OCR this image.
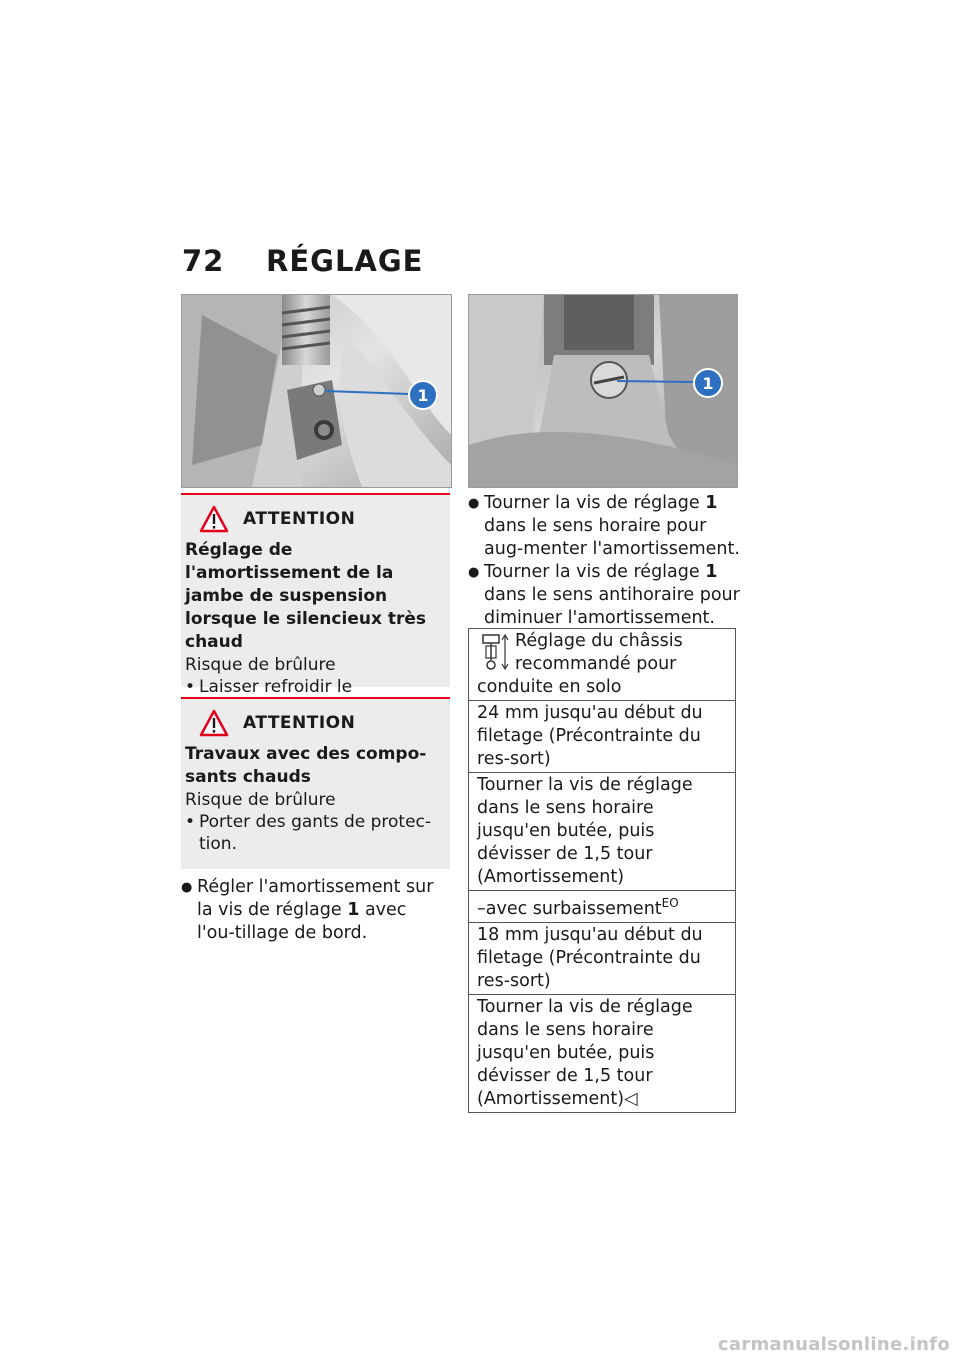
72 RÉGLAGE
1
1
ATTENTION
Réglage de l'amortissement de la jambe de suspension lorsque le silencieux très chaud
Risque de brûlure
• Laisser refroidir le
ATTENTION
Travaux avec des compo-sants chauds
Risque de brûlure
• Porter des gants de protec-tion.
● Régler l'amortissement sur la vis de réglage 1 avec l'ou-tillage de bord.
● Tourner la vis de réglage 1 dans le sens horaire pour aug-menter l'amortissement.
● Tourner la vis de réglage 1 dans le sens antihoraire pour diminuer l'amortissement.
Réglage du châssis recommandé pour conduite en solo
24 mm jusqu'au début du filetage (Précontrainte du res-sort)
Tourner la vis de réglage dans le sens horaire jusqu'en butée, puis dévisser de 1,5 tour (Amortissement)
–avec surbaissement$^{EO}$
18 mm jusqu'au début du filetage (Précontrainte du res-sort)
Tourner la vis de réglage dans le sens horaire jusqu'en butée, puis dévisser de 1,5 tour (Amortissement)◁
carmanualsonline.info
